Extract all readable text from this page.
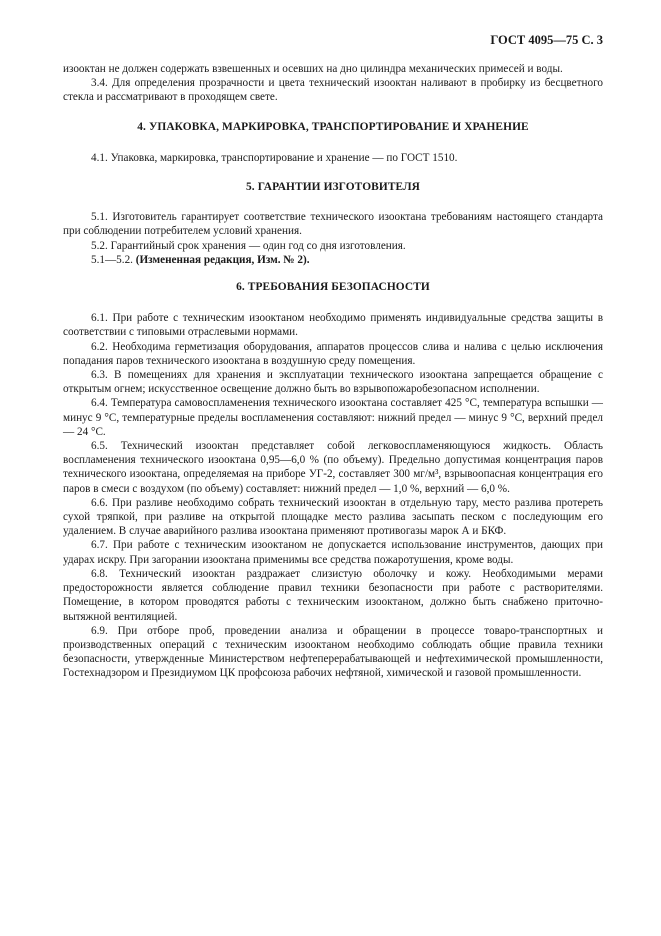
ГОСТ 4095—75 С. 3

изооктан не должен содержать взвешенных и осевших на дно цилиндра механических примесей и воды.

3.4. Для определения прозрачности и цвета технический изооктан наливают в пробирку из бесцветного стекла и рассматривают в проходящем свете.

4. УПАКОВКА, МАРКИРОВКА, ТРАНСПОРТИРОВАНИЕ И ХРАНЕНИЕ

4.1. Упаковка, маркировка, транспортирование и хранение — по ГОСТ 1510.

5. ГАРАНТИИ ИЗГОТОВИТЕЛЯ

5.1. Изготовитель гарантирует соответствие технического изооктана требованиям настоящего стандарта при соблюдении потребителем условий хранения.

5.2. Гарантийный срок хранения — один год со дня изготовления.

5.1—5.2. (Измененная редакция, Изм. № 2).

6. ТРЕБОВАНИЯ БЕЗОПАСНОСТИ

6.1. При работе с техническим изооктаном необходимо применять индивидуальные средства защиты в соответствии с типовыми отраслевыми нормами.

6.2. Необходима герметизация оборудования, аппаратов процессов слива и налива с целью исключения попадания паров технического изооктана в воздушную среду помещения.

6.3. В помещениях для хранения и эксплуатации технического изооктана запрещается обращение с открытым огнем; искусственное освещение должно быть во взрывопожаробезопасном исполнении.

6.4. Температура самовоспламенения технического изооктана составляет 425 °С, температура вспышки — минус 9 °С, температурные пределы воспламенения составляют: нижний предел — минус 9 °С, верхний предел — 24 °С.

6.5. Технический изооктан представляет собой легковоспламеняющуюся жидкость. Область воспламенения технического изооктана 0,95—6,0 % (по объему). Предельно допустимая концентрация паров технического изооктана, определяемая на приборе УГ-2, составляет 300 мг/м³, взрывоопасная концентрация его паров в смеси с воздухом (по объему) составляет: нижний предел — 1,0 %, верхний — 6,0 %.

6.6. При разливе необходимо собрать технический изооктан в отдельную тару, место разлива протереть сухой тряпкой, при разливе на открытой площадке место разлива засыпать песком с последующим его удалением. В случае аварийного разлива изооктана применяют противогазы марок А и БКФ.

6.7. При работе с техническим изооктаном не допускается использование инструментов, дающих при ударах искру. При загорании изооктана применимы все средства пожаротушения, кроме воды.

6.8. Технический изооктан раздражает слизистую оболочку и кожу. Необходимыми мерами предосторожности является соблюдение правил техники безопасности при работе с растворителями. Помещение, в котором проводятся работы с техническим изооктаном, должно быть снабжено приточно-вытяжной вентиляцией.

6.9. При отборе проб, проведении анализа и обращении в процессе товаро-транспортных и производственных операций с техническим изооктаном необходимо соблюдать общие правила техники безопасности, утвержденные Министерством нефтеперерабатывающей и нефтехимической промышленности, Гостехнадзором и Президиумом ЦК профсоюза рабочих нефтяной, химической и газовой промышленности.
